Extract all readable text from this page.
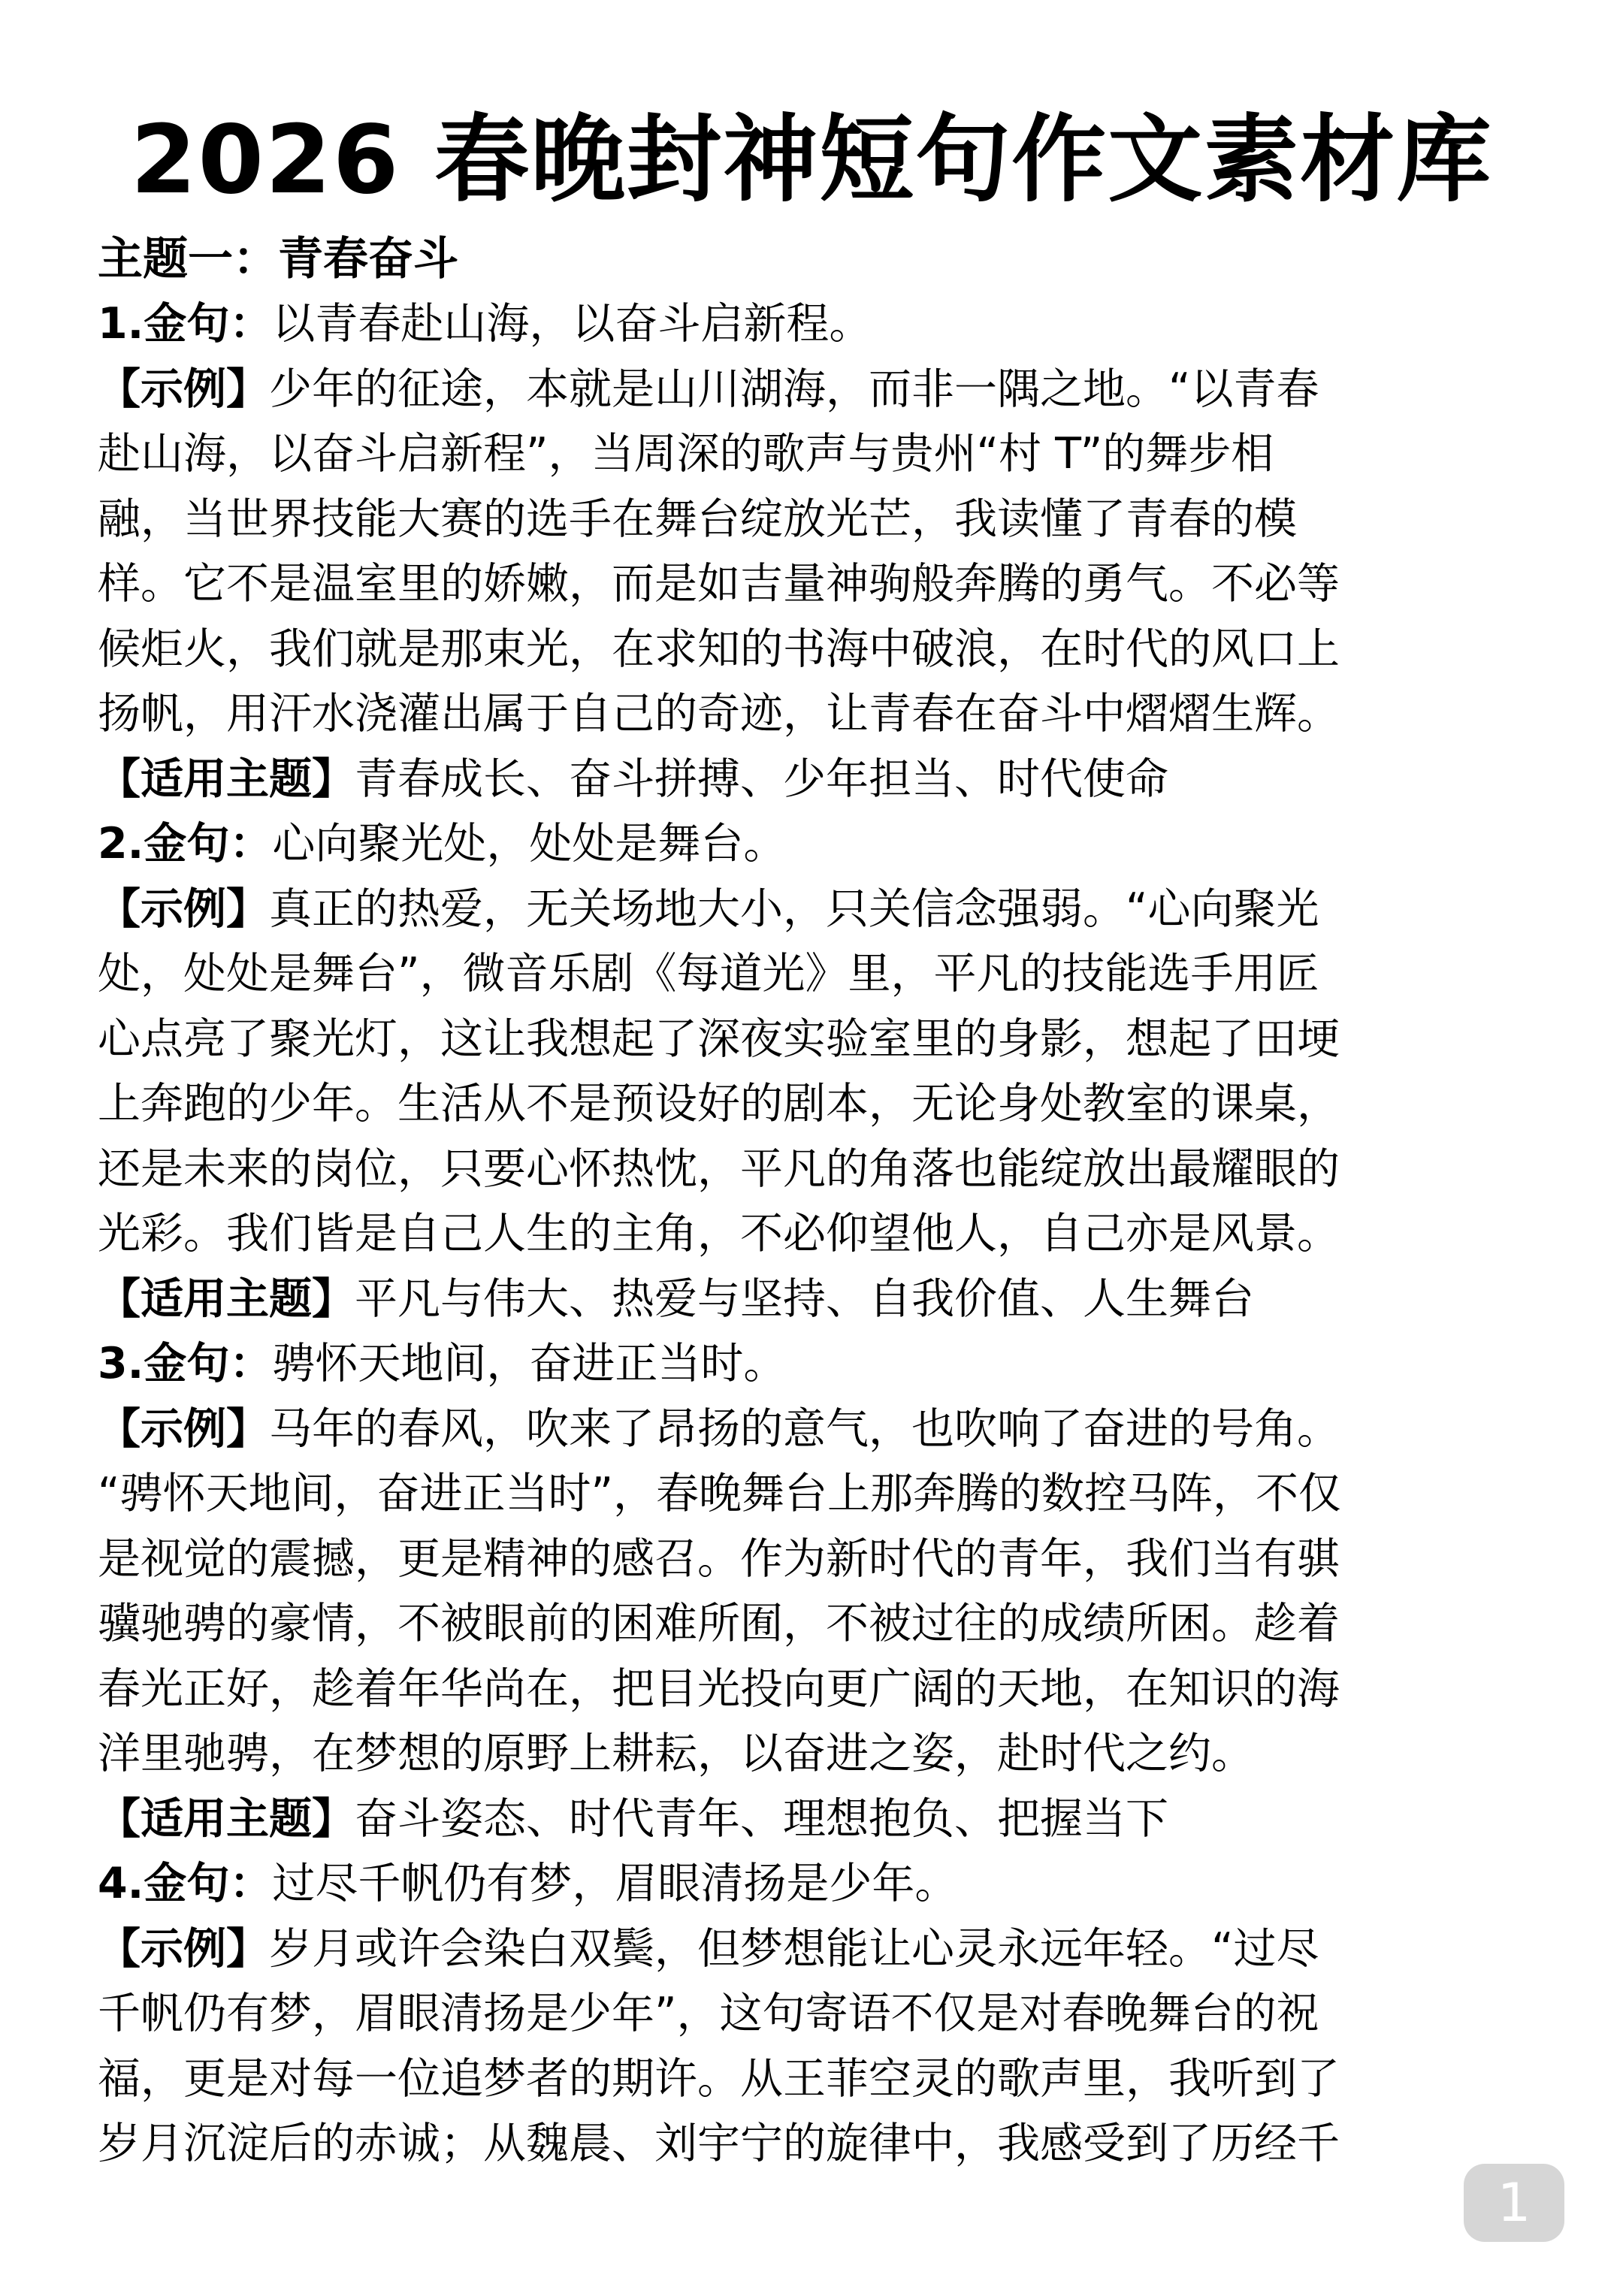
2026 春晚封神短句作文素材库
主题一：青春奋斗
1.金句：以青春赴山海，以奋斗启新程。
【示例】少年的征途，本就是山川湖海，而非一隅之地。“以青春
赴山海，以奋斗启新程”，当周深的歌声与贵州“村 T”的舞步相
融，当世界技能大赛的选手在舞台绽放光芒，我读懂了青春的模
样。它不是温室里的娇嫩，而是如吉量神驹般奔腾的勇气。不必等
候炬火，我们就是那束光，在求知的书海中破浪，在时代的风口上
扬帆，用汗水浇灌出属于自己的奇迹，让青春在奋斗中熠熠生辉。
【适用主题】青春成长、奋斗拼搏、少年担当、时代使命
2.金句：心向聚光处，处处是舞台。
【示例】真正的热爱，无关场地大小，只关信念强弱。“心向聚光
处，处处是舞台”，微音乐剧《每道光》里，平凡的技能选手用匠
心点亮了聚光灯，这让我想起了深夜实验室里的身影，想起了田埂
上奔跑的少年。生活从不是预设好的剧本，无论身处教室的课桌，
还是未来的岗位，只要心怀热忱，平凡的角落也能绽放出最耀眼的
光彩。我们皆是自己人生的主角，不必仰望他人，自己亦是风景。
【适用主题】平凡与伟大、热爱与坚持、自我价值、人生舞台
3.金句：骋怀天地间，奋进正当时。
【示例】马年的春风，吹来了昂扬的意气，也吹响了奋进的号角。
“骋怀天地间，奋进正当时”，春晚舞台上那奔腾的数控马阵，不仅
是视觉的震撼，更是精神的感召。作为新时代的青年，我们当有骐
骥驰骋的豪情，不被眼前的困难所囿，不被过往的成绩所困。趁着
春光正好，趁着年华尚在，把目光投向更广阔的天地，在知识的海
洋里驰骋，在梦想的原野上耕耘，以奋进之姿，赴时代之约。
【适用主题】奋斗姿态、时代青年、理想抱负、把握当下
4.金句：过尽千帆仍有梦，眉眼清扬是少年。
【示例】岁月或许会染白双鬓，但梦想能让心灵永远年轻。“过尽
千帆仍有梦，眉眼清扬是少年”，这句寄语不仅是对春晚舞台的祝
福，更是对每一位追梦者的期许。从王菲空灵的歌声里，我听到了
岁月沉淀后的赤诚；从魏晨、刘宇宁的旋律中，我感受到了历经千
1
